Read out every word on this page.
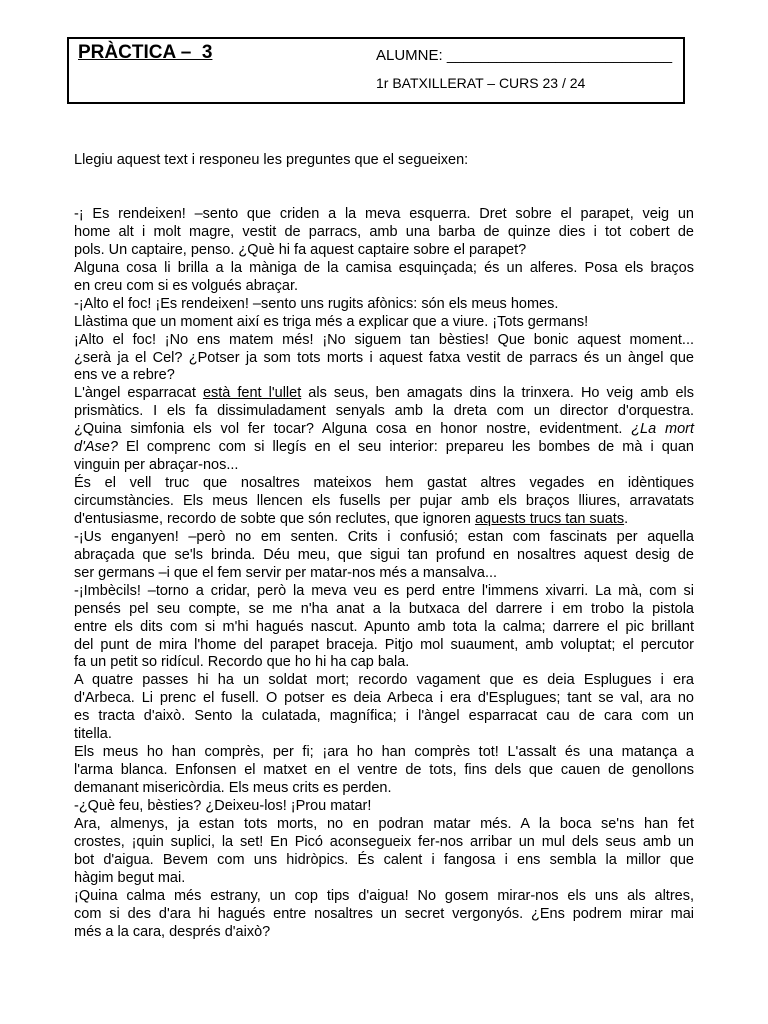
PRÀCTICA –  3	ALUMNE: ___________________________
1r BATXILLERAT – CURS 23 / 24
Llegiu aquest text i responeu les preguntes que el segueixen:
-¡ Es rendeixen! –sento que criden a la meva esquerra. Dret sobre el parapet, veig un
home alt i molt magre, vestit de parracs, amb una barba de quinze dies i tot cobert de
pols. Un captaire, penso. ¿Què hi fa aquest captaire sobre el parapet?
Alguna cosa li brilla a la màniga de la camisa esquinçada; és un alferes. Posa els braços
en creu com si es volgués abraçar.
-¡Alto el foc! ¡Es rendeixen! –sento uns rugits afònics: són els meus homes.
Llàstima que un moment així es triga més a explicar que a viure. ¡Tots germans!
¡Alto el foc! ¡No ens matem més! ¡No siguem tan bèsties! Que bonic aquest moment...
¿serà ja el Cel? ¿Potser ja som tots morts i aquest fatxa vestit de parracs és un àngel que
ens ve a rebre?
L'àngel esparracat està fent l'ullet als seus, ben amagats dins la trinxera. Ho veig amb els
prismàtics. I els fa dissimuladament senyals amb la dreta com un director d'orquestra.
¿Quina simfonia els vol fer tocar? Alguna cosa en honor nostre, evidentment. ¿La mort
d'Ase? El comprenc com si llegís en el seu interior: prepareu les bombes de mà i quan
vinguin per abraçar-nos...
És el vell truc que nosaltres mateixos hem gastat altres vegades en idèntiques
circumstàncies. Els meus llencen els fusells per pujar amb els braços lliures, arravatats
d'entusiasme, recordo de sobte que són reclutes, que ignoren aquests trucs tan suats.
-¡Us enganyen! –però no em senten. Crits i confusió; estan com fascinats per aquella
abraçada que se'ls brinda. Déu meu, que sigui tan profund en nosaltres aquest desig de
ser germans –i que el fem servir per matar-nos més a mansalva...
-¡Imbècils! –torno a cridar, però la meva veu es perd entre l'immens xivarri. La mà, com si
pensés pel seu compte, se me n'ha anat a la butxaca del darrere i em trobo la pistola
entre els dits com si m'hi hagués nascut. Apunto amb tota la calma; darrere el pic brillant
del punt de mira l'home del parapet braceja. Pitjo mol suaument, amb voluptat; el percutor
fa un petit so ridícul. Recordo que ho hi ha cap bala.
A quatre passes hi ha un soldat mort; recordo vagament que es deia Esplugues i era
d'Arbeca. Li prenc el fusell. O potser es deia Arbeca i era d'Esplugues; tant se val, ara no
es tracta d'això. Sento la culatada, magnífica; i l'àngel esparracat cau de cara com un
titella.
Els meus ho han comprès, per fi; ¡ara ho han comprès tot! L'assalt és una matança a
l'arma blanca. Enfonsen el matxet en el ventre de tots, fins dels que cauen de genollons
demanant misericòrdia. Els meus crits es perden.
-¿Què feu, bèsties? ¿Deixeu-los! ¡Prou matar!
Ara, almenys, ja estan tots morts, no en podran matar més. A la boca se'ns han fet
crostes, ¡quin suplici, la set! En Picó aconsegueix fer-nos arribar un mul dels seus amb un
bot d'aigua. Bevem com uns hidròpics. És calent i fangosa i ens sembla la millor que
hàgim begut mai.
¡Quina calma més estrany, un cop tips d'aigua! No gosem mirar-nos els uns als altres,
com si des d'ara hi hagués entre nosaltres un secret vergonyós. ¿Ens podrem mirar mai
més a la cara, després d'això?
